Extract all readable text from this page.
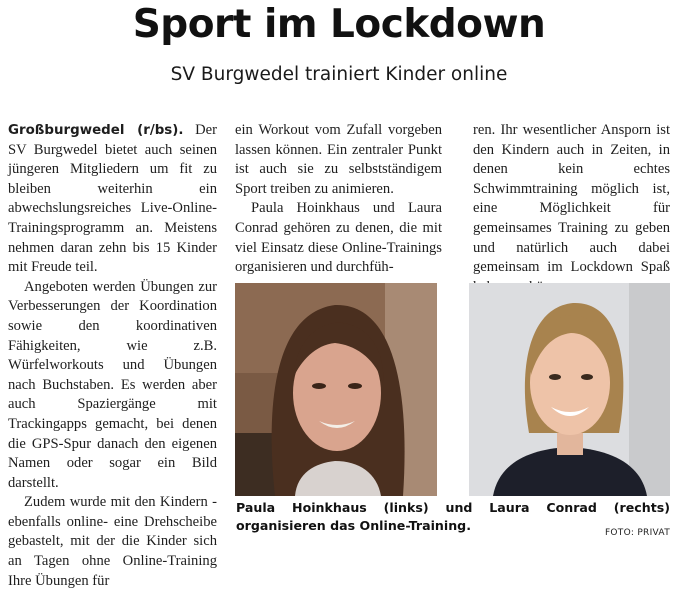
Sport im Lockdown
SV Burgwedel trainiert Kinder online

Großburgwedel (r/bs). Der SV Burgwedel bietet auch seinen jüngeren Mitgliedern um fit zu bleiben weiterhin ein abwechslungsreiches Live-Online-Trainingsprogramm an. Meistens nehmen daran zehn bis 15 Kinder mit Freude teil.

Angeboten werden Übungen zur Verbesserungen der Koordination sowie den koordinativen Fähigkeiten, wie z.B. Würfelworkouts und Übungen nach Buchstaben. Es werden aber auch Spaziergänge mit Trackingapps gemacht, bei denen die GPS-Spur danach den eigenen Namen oder sogar ein Bild darstellt.

Zudem wurde mit den Kindern -ebenfalls online- eine Drehscheibe gebastelt, mit der die Kinder sich an Tagen ohne Online-Training Ihre Übungen für

ein Workout vom Zufall vorgeben lassen können. Ein zentraler Punkt ist auch sie zu selbstständigem Sport treiben zu animieren.

Paula Hoinkhaus und Laura Conrad gehören zu denen, die mit viel Einsatz diese Online-Trainings organisieren und durchfüh-

ren. Ihr wesentlicher Ansporn ist den Kindern auch in Zeiten, in denen kein echtes Schwimmtraining möglich ist, eine Möglichkeit für gemeinsames Training zu geben und natürlich auch dabei gemeinsam im Lockdown Spaß

Paula Hoinkhaus (links) und Laura Conrad (rechts) organisieren das Online-Training.	FOTO: PRIVAT
